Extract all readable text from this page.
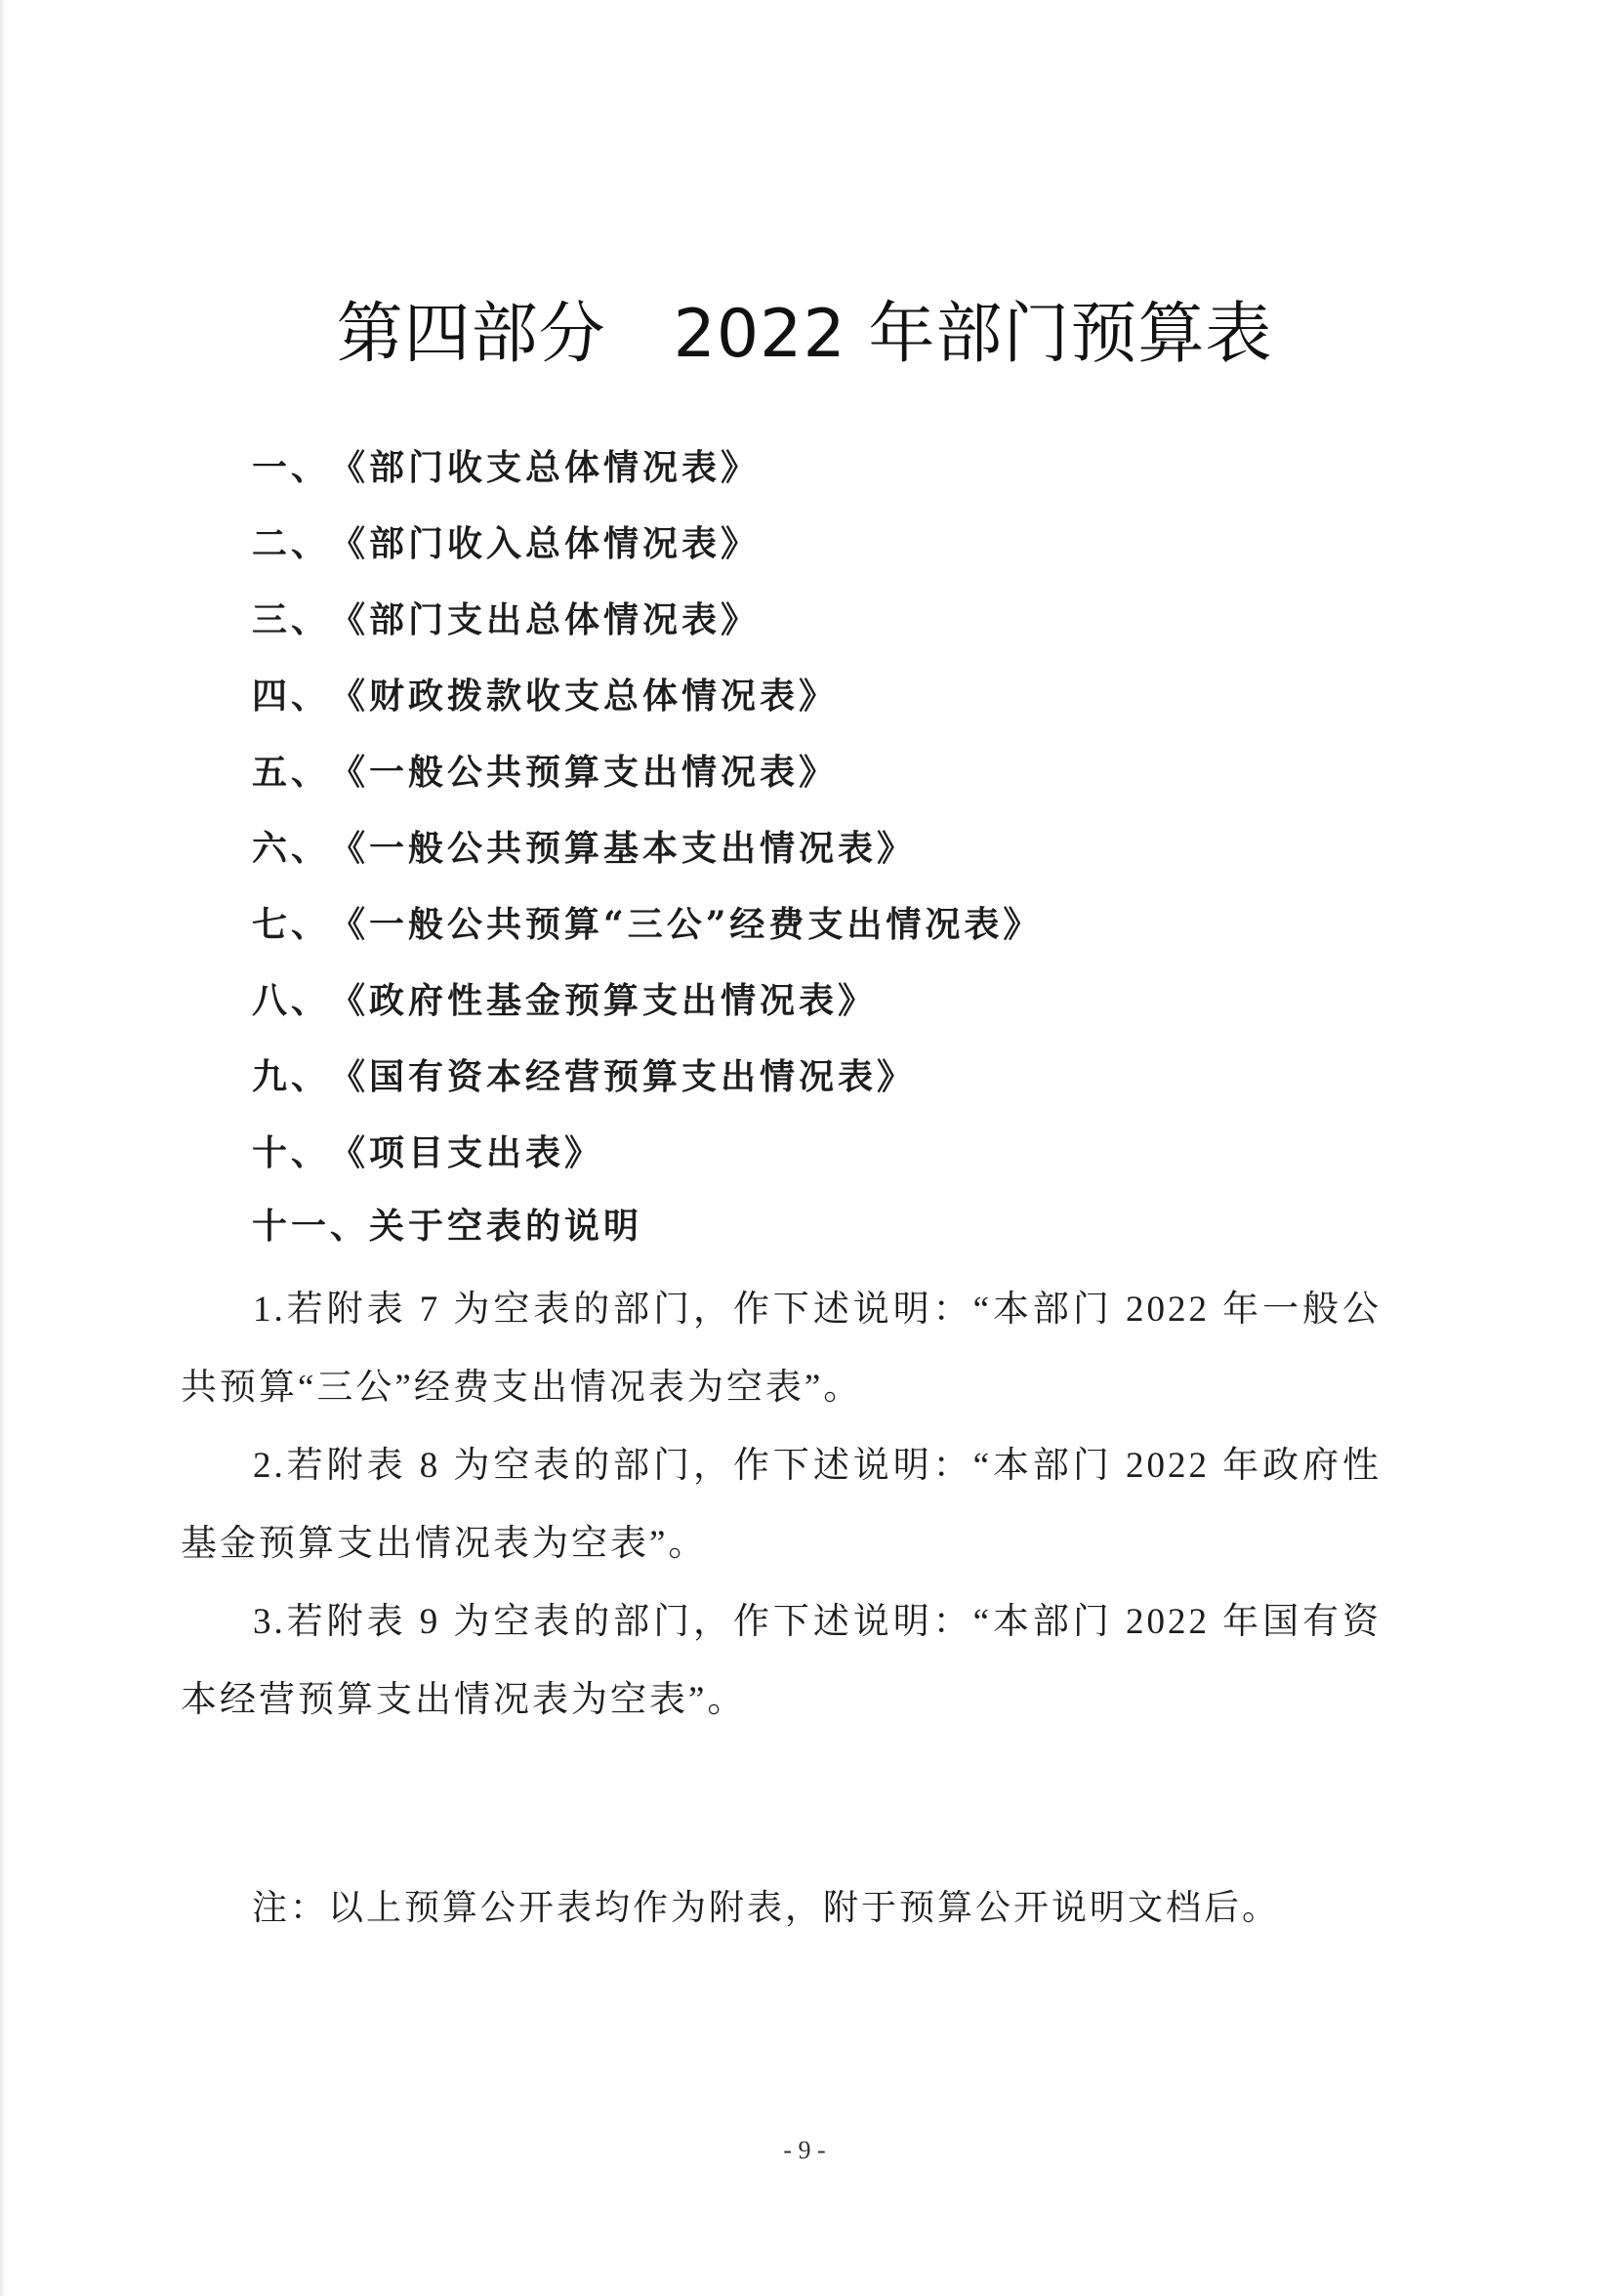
第四部分　2022 年部门预算表
一、《部门收支总体情况表》
二、《部门收入总体情况表》
三、《部门支出总体情况表》
四、《财政拨款收支总体情况表》
五、《一般公共预算支出情况表》
六、《一般公共预算基本支出情况表》
七、《一般公共预算“三公”经费支出情况表》
八、《政府性基金预算支出情况表》
九、《国有资本经营预算支出情况表》
十、《项目支出表》
十一、关于空表的说明
1.若附表 7 为空表的部门，作下述说明：“本部门 2022 年一般公共预算“三公”经费支出情况表为空表”。
2.若附表 8 为空表的部门，作下述说明：“本部门 2022 年政府性基金预算支出情况表为空表”。
3.若附表 9 为空表的部门，作下述说明：“本部门 2022 年国有资本经营预算支出情况表为空表”。
注：以上预算公开表均作为附表，附于预算公开说明文档后。
- 9 -
